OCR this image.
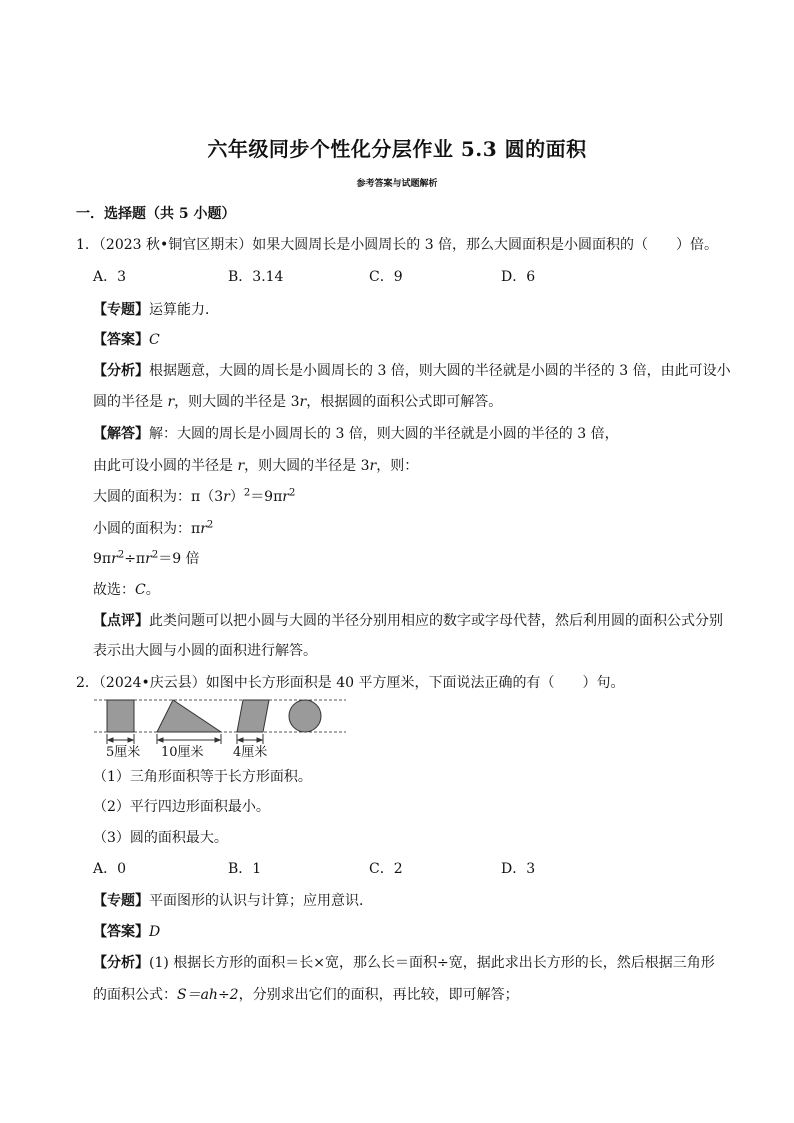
六年级同步个性化分层作业 5.3 圆的面积
参考答案与试题解析
一．选择题（共 5 小题）
1．（2023 秋•铜官区期末）如果大圆周长是小圆周长的 3 倍，那么大圆面积是小圆面积的（　　）倍。
A．3	B．3.14	C．9	D．6
【专题】运算能力．
【答案】C
【分析】根据题意，大圆的周长是小圆周长的 3 倍，则大圆的半径就是小圆的半径的 3 倍，由此可设小
圆的半径是 r，则大圆的半径是 3r，根据圆的面积公式即可解答。
【解答】解：大圆的周长是小圆周长的 3 倍，则大圆的半径就是小圆的半径的 3 倍，
由此可设小圆的半径是 r，则大圆的半径是 3r，则：
大圆的面积为：$\pi(3r)^2=9\pi r^2$
小圆的面积为：$\pi r^2$
$9\pi r^2\div\pi r^2=9$ 倍
故选：C。
【点评】此类问题可以把小圆与大圆的半径分别用相应的数字或字母代替，然后利用圆的面积公式分别
表示出大圆与小圆的面积进行解答。
2．（2024•庆云县）如图中长方形面积是 40 平方厘米，下面说法正确的有（　　）句。
5厘米 10厘米 4厘米
（1）三角形面积等于长方形面积。
（2）平行四边形面积最小。
（3）圆的面积最大。
A．0	B．1	C．2	D．3
【专题】平面图形的认识与计算；应用意识．
【答案】D
【分析】(1) 根据长方形的面积＝长×宽，那么长＝面积÷宽，据此求出长方形的长，然后根据三角形
的面积公式：S＝ah÷2，分别求出它们的面积，再比较，即可解答；
